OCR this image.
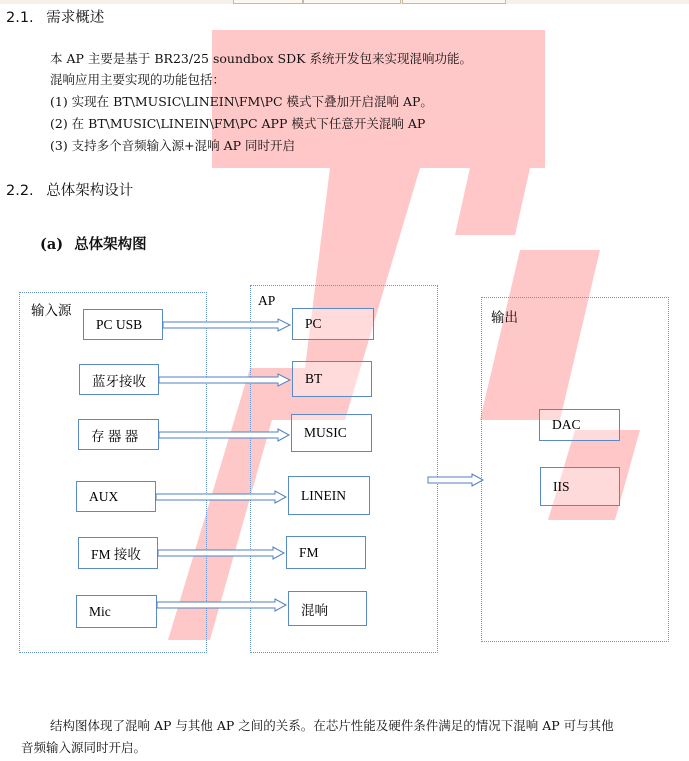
2.1. 需求概述
本 AP 主要是基于 BR23/25 soundbox SDK 系统开发包来实现混响功能。
混响应用主要实现的功能包括：
(1) 实现在 BT\MUSIC\LINEIN\FM\PC 模式下叠加开启混响 AP。
(2) 在 BT\MUSIC\LINEIN\FM\PC APP 模式下任意开关混响 AP
(3) 支持多个音频输入源+混响 AP 同时开启
2.2. 总体架构设计
(a) 总体架构图
输入源
AP
输出
PC USB
蓝牙接收
存 器 器
AUX
FM 接收
Mic
PC
BT
MUSIC
LINEIN
FM
混响
DAC
IIS
结构图体现了混响 AP 与其他 AP 之间的关系。在芯片性能及硬件条件满足的情况下混响 AP 可与其他
音频输入源同时开启。
